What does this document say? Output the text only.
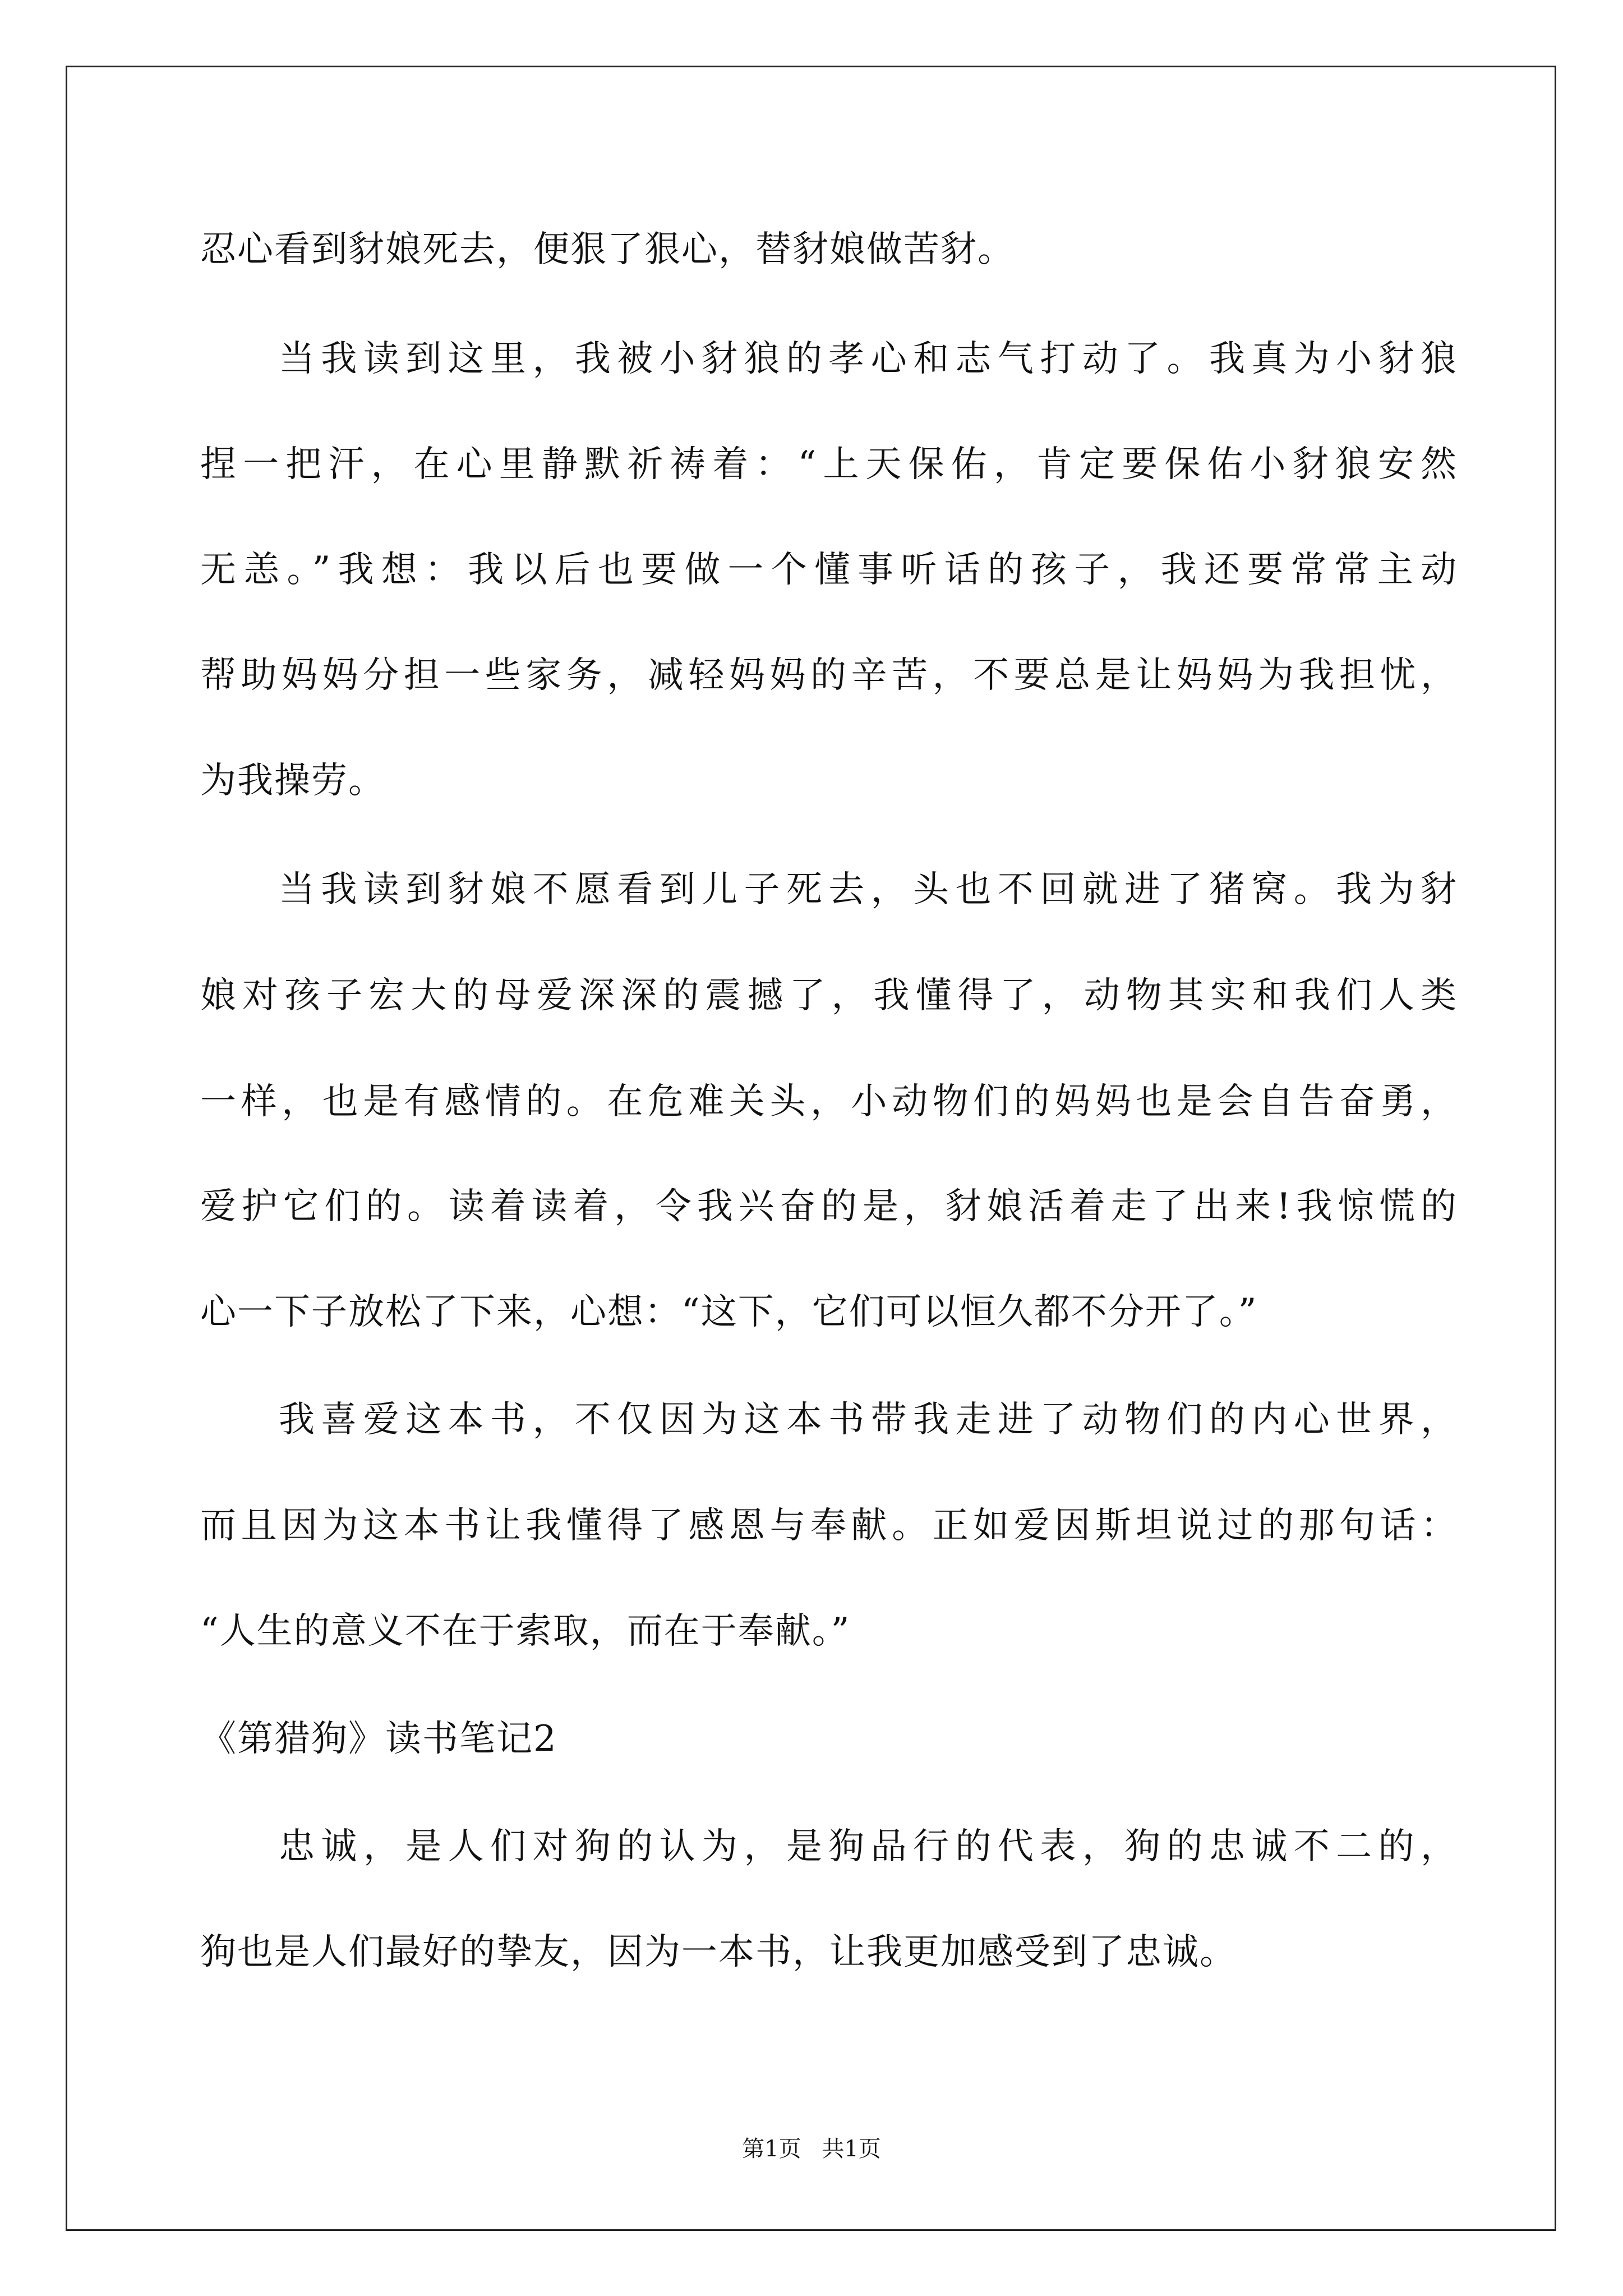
忍心看到豺娘死去，便狠了狠心，替豺娘做苦豺。
当我读到这里，我被小豺狼的孝心和志气打动了。我真为小豺狼
捏一把汗，在心里静默祈祷着：“上天保佑，肯定要保佑小豺狼安然
无恙。”我想：我以后也要做一个懂事听话的孩子，我还要常常主动
帮助妈妈分担一些家务，减轻妈妈的辛苦，不要总是让妈妈为我担忧，
为我操劳。
当我读到豺娘不愿看到儿子死去，头也不回就进了猪窝。我为豺
娘对孩子宏大的母爱深深的震撼了，我懂得了，动物其实和我们人类
一样，也是有感情的。在危难关头，小动物们的妈妈也是会自告奋勇，
爱护它们的。读着读着，令我兴奋的是，豺娘活着走了出来!我惊慌的
心一下子放松了下来，心想：“这下，它们可以恒久都不分开了。”
我喜爱这本书，不仅因为这本书带我走进了动物们的内心世界，
而且因为这本书让我懂得了感恩与奉献。正如爱因斯坦说过的那句话：
“人生的意义不在于索取，而在于奉献。”
《第猎狗》读书笔记2
忠诚，是人们对狗的认为，是狗品行的代表，狗的忠诚不二的，
狗也是人们最好的挚友，因为一本书，让我更加感受到了忠诚。
第1页 共1页
